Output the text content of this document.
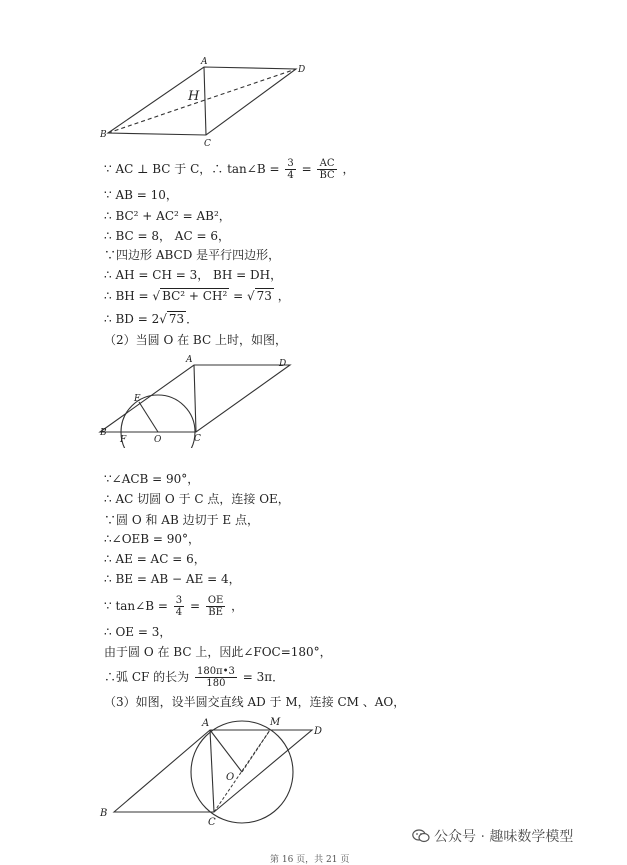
A
D
H
B
C
∵ AC ⊥ BC 于 C，∴ tan∠B = $\frac{3}{4} = \frac{AC}{BC}$ ，
∵ AB = 10，
∴ BC² + AC² = AB²，
∴ BC = 8， AC = 6，
∵四边形 ABCD 是平行四边形，
∴ AH = CH = 3， BH = DH，
∴ BH = √ BC² + CH² = √ 73 ，
∴ BD = 2√ 73 ．
（2）当圆 O 在 BC 上时，如图，
A	D
E
B
F	O	C
∵∠ACB = 90°，
∴ AC 切圆 O 于 C 点，连接 OE，
∵圆 O 和 AB 边切于 E 点，
∴∠OEB = 90°，
∴ AE = AC = 6，
∴ BE = AB − AE = 4，
∵ tan∠B = $\frac{3}{4} = \frac{OE}{BE}$ ，
∴ OE = 3，
由于圆 O 在 BC 上，因此∠FOC=180°，
∴弧 CF 的长为 $\frac{180\pi•3}{180} = 3\pi$．
（3）如图，设半圆交直线 AD 于 M，连接 CM 、AO，
A	M
D
O
B
C
公众号 · 趣味数学模型
第 16 页，共 21 页
